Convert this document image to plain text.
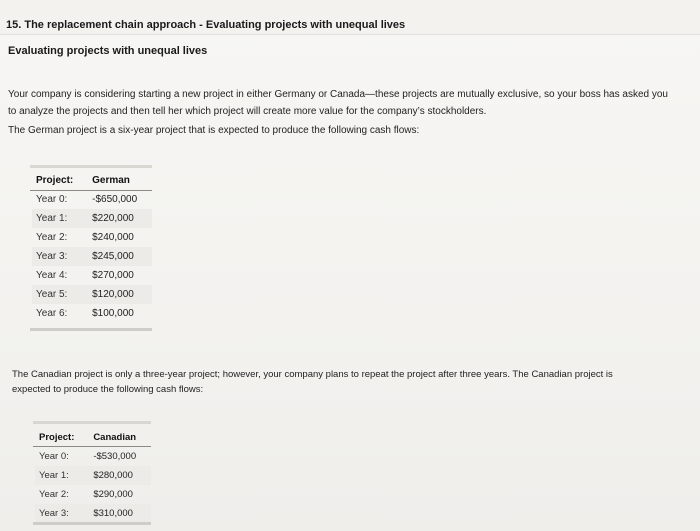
15. The replacement chain approach - Evaluating projects with unequal lives
Evaluating projects with unequal lives
Your company is considering starting a new project in either Germany or Canada—these projects are mutually exclusive, so your boss has asked you
to analyze the projects and then tell her which project will create more value for the company’s stockholders.
The German project is a six-year project that is expected to produce the following cash flows:
Project:	German
Year 0:	-$650,000
Year 1:	$220,000
Year 2:	$240,000
Year 3:	$245,000
Year 4:	$270,000
Year 5:	$120,000
Year 6:	$100,000
The Canadian project is only a three-year project; however, your company plans to repeat the project after three years. The Canadian project is
expected to produce the following cash flows:
Project:	Canadian
Year 0:	-$530,000
Year 1:	$280,000
Year 2:	$290,000
Year 3:	$310,000
